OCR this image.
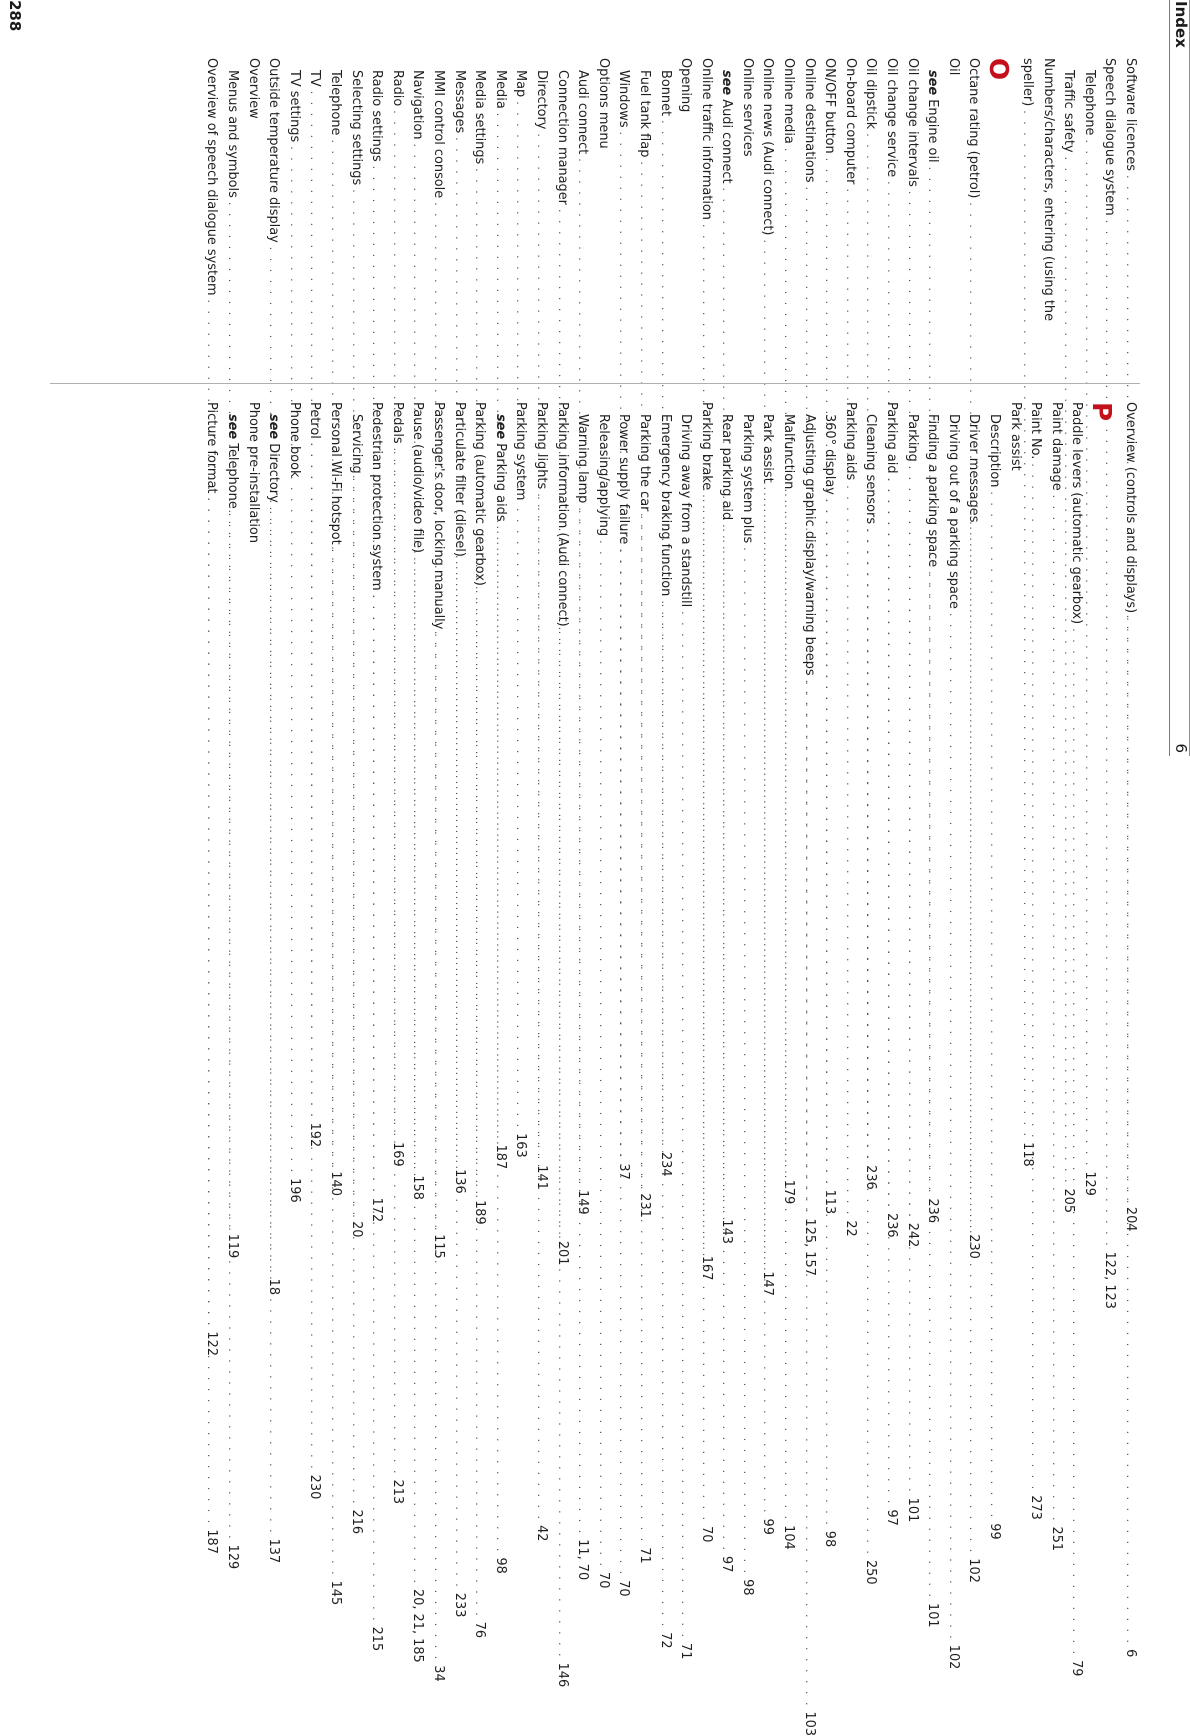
Index
6
Software licences
. . .
204
Speech dialogue system
. . .
122, 123
Telephone
. . .
129
Traffic safety
. . .
205
Numbers/characters, entering (using the
speller)
. . .
118
O
Octane rating (petrol)
. . .
230
Oil
see Engine oil
. . .
236
Oil change intervals
. . .
242
Oil change service
. . .
236
Oil dipstick
. . .
236
On-board computer
. . .
22
ON/OFF button
. . .
113
Online destinations
. . .
125, 157
Online media
. . .
179
Online news (Audi connect)
. . .
147
Online services
see Audi connect
. . .
143
Online traffic information
. . .
167
Opening
Bonnet
. . .
234
Fuel tank flap
. . .
231
Windows
. . .
37
Options menu
Audi connect
. . .
149
Connection manager
. . .
201
Directory
. . .
141
Map
. . .
163
Media
. . .
187
Media settings
. . .
189
Messages
. . .
136
MMI control console
. . .
115
Navigation
. . .
158
Radio
. . .
169
Radio settings
. . .
172
Selecting settings
. . .
20
Telephone
. . .
140
TV
. . .
192
TV settings
. . .
196
Outside temperature display
. . .
18
Overview
Menus and symbols
. . .
119
Overview of speech dialogue system
. . .
122
Overview (controls and displays)
. . .
6
P
Paddle levers (automatic gearbox)
. . .
79
Paint damage
. . .
251
Paint No.
. . .
273
Park assist
Description
. . .
99
Driver messages
. . .
102
Driving out of a parking space
. . .
102
Finding a parking space
. . .
101
Parking
. . .
101
Parking aid
. . .
97
Cleaning sensors
. . .
250
Parking aids
360° display
. . .
98
Adjusting graphic display/warning beeps
. . .
103
Malfunction
. . .
104
Park assist
. . .
99
Parking system plus
. . .
98
Rear parking aid
. . .
97
Parking brake
. . .
70
Driving away from a standstill
. . .
71
Emergency braking function
. . .
72
Parking the car
. . .
71
Power supply failure
. . .
70
Releasing/applying
. . .
70
Warning lamp
. . .
11, 70
Parking information (Audi connect)
. . .
146
Parking lights
. . .
42
Parking system
see Parking aids
. . .
98
Parking (automatic gearbox)
. . .
76
Particulate filter (diesel)
. . .
233
Passenger's door, locking manually
. . .
34
Pause (audio/video file)
. . .
20, 21, 185
Pedals
. . .
213
Pedestrian protection system
. . .
215
Servicing
. . .
216
Personal Wi-Fi hotspot
. . .
145
Petrol
. . .
230
Phone book
see Directory
. . .
137
Phone pre-installation
see Telephone
. . .
129
Picture format
. . .
187
288
